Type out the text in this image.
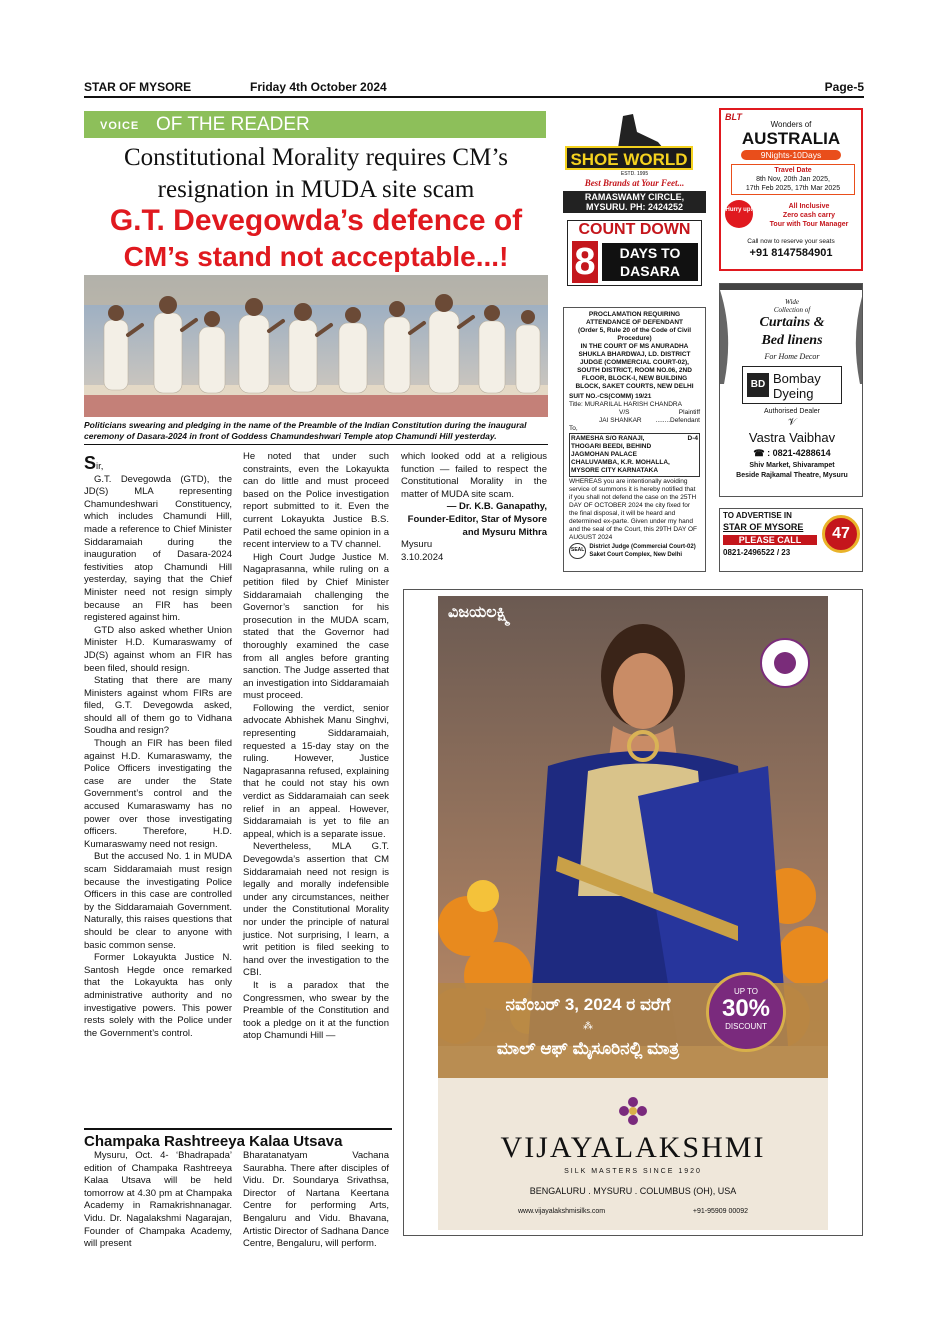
STAR OF MYSORE	Friday 4th October 2024	Page-5
VOICE OF THE READER
Constitutional Morality requires CM’s
resignation in MUDA site scam
G.T. Devegowda’s defence of
CM’s stand not acceptable...!
Politicians swearing and pledging in the name of the Preamble of the Indian Constitution during the inaugural ceremony of Dasara-2024 in front of Goddess Chamundeshwari Temple atop Chamundi Hill yesterday.

Sir,

G.T. Devegowda (GTD), the JD(S) MLA representing Chamundeshwari Constituency, which includes Chamundi Hill, made a reference to Chief Minister Siddaramaiah during the inauguration of Dasara-2024 festivities atop Chamundi Hill yesterday, saying that the Chief Minister need not resign simply because an FIR has been registered against him.

GTD also asked whether Union Minister H.D. Kumaraswamy of JD(S) against whom an FIR has been filed, should resign.

Stating that there are many Ministers against whom FIRs are filed, G.T. Devegowda asked, should all of them go to Vidhana Soudha and resign?

Though an FIR has been filed against H.D. Kumaraswamy, the Police Officers investigating the case are under the State Government’s control and the accused Kumaraswamy has no power over those investigating officers. Therefore, H.D. Kumaraswamy need not resign.

But the accused No. 1 in MUDA scam Siddaramaiah must resign because the investigating Police Officers in this case are controlled by the Siddaramaiah Government. Naturally, this raises questions that should be clear to anyone with basic common sense.

Former Lokayukta Justice N. Santosh Hegde once remarked that the Lokayukta has only administrative authority and no investigative powers. This power rests solely with the Police under the Government’s control.

He noted that under such constraints, even the Lokayukta can do little and must proceed based on the Police investigation report submitted to it. Even the current Lokayukta Justice B.S. Patil echoed the same opinion in a recent interview to a TV channel.

High Court Judge Justice M. Nagaprasanna, while ruling on a petition filed by Chief Minister Siddaramaiah challenging the Governor’s sanction for his prosecution in the MUDA scam, stated that the Governor had thoroughly examined the case from all angles before granting sanction. The Judge asserted that an investigation into Siddaramaiah must proceed.

Following the verdict, senior advocate Abhishek Manu Singhvi, representing Siddaramaiah, requested a 15-day stay on the ruling. However, Justice Nagaprasanna refused, explaining that he could not stay his own verdict as Siddaramaiah can seek relief in an appeal. However, Siddaramaiah is yet to file an appeal, which is a separate issue.

Nevertheless, MLA G.T. Devegowda’s assertion that CM Siddaramaiah need not resign is legally and morally indefensible under any circumstances, neither under the Constitutional Morality nor under the principle of natural justice. Not surprising, I learn, a writ petition is filed seeking to hand over the investigation to the CBI.

It is a paradox that the Congressmen, who swear by the Preamble of the Constitution and took a pledge on it at the function atop Chamundi Hill —

which looked odd at a religious function — failed to respect the Constitutional Morality in the matter of MUDA site scam.

— Dr. K.B. Ganapathy,
Founder-Editor, Star of Mysore and Mysuru Mithra
Mysuru
3.10.2024
Champaka Rashtreeya Kalaa Utsava

Mysuru, Oct. 4- ‘Bhadrapada’ edition of Champaka Rashtreeya Kalaa Utsava will be held tomorrow at 4.30 pm at Champaka Academy in Ramakrishnanagar. Vidu. Dr. Nagalakshmi Nagarajan, Founder of Champaka Academy, will present

Bharatanatyam Vachana Saurabha. There after disciples of Vidu. Dr. Soundarya Srivathsa, Director of Nartana Keertana Centre for performing Arts, Bengaluru and Vidu. Bhavana, Artistic Director of Sadhana Dance Centre, Bengaluru, will perform.

SHOE WORLD
ESTD. 1995
Best Brands at Your Feet...
RAMASWAMY CIRCLE,
MYSURU. PH: 2424252
COUNT DOWN
8	DAYS TO
DASARA
BLT
Wonders of
AUSTRALIA
9Nights-10Days
Travel Date
8th Nov, 20th Jan 2025,
17th Feb 2025, 17th Mar 2025
Hurry up!	All Inclusive
Zero cash carry
Tour with Tour Manager
Call now to reserve your seats
+91 8147584901
PROCLAMATION REQUIRING ATTENDANCE OF DEFENDANT
(Order 5, Rule 20 of the Code of Civil Procedure)
IN THE COURT OF MS ANURADHA SHUKLA BHARDWAJ, LD. DISTRICT JUDGE (COMMERCIAL COURT-02), SOUTH DISTRICT, ROOM NO.06, 2ND FLOOR, BLOCK-I, NEW BUILDING BLOCK, SAKET COURTS, NEW DELHI
SUIT NO.-CS(COMM) 19/21
Title: MURARILAL HARISH CHANDRA
V/S	Plaintiff
JAI SHANKAR ........Defendant
To,
RAMESHA S/O RANAJI, THOGARI BEEDI, BEHIND JAGMOHAN PALACE CHALUVAMBA, K.R. MOHALLA, MYSORE CITY KARNATAKA
D-4
WHEREAS you are intentionally avoiding service of summons it is hereby notified that if you shall not defend the case on the 25TH DAY OF OCTOBER 2024 the city fixed for the final disposal, it will be heard and determined ex-parte. Given under my hand and the seal of the Court, this 29TH DAY OF AUGUST 2024
SEAL District Judge (Commercial Court-02)
Saket Court Complex, New Delhi
Wide
Collection of
Curtains &
Bed linens
For Home Decor
BD Bombay Dyeing
Authorised Dealer
𝒱
Vastra Vaibhav
☎ : 0821-4288614
Shiv Market, Shivarampet
Beside Rajkamal Theatre, Mysuru
TO ADVERTISE IN
STAR OF MYSORE
PLEASE CALL
0821-2496522 / 23
47
ವಿಜಯಲಕ್ಷ್ಮಿ
ನವೆಂಬರ್ 3, 2024 ರ ವರೆಗೆ
⁂
ಮಾಲ್ ಆಫ್ ಮೈಸೂರಿನಲ್ಲಿ ಮಾತ್ರ
UP TO
30%
DISCOUNT
VIJAYALAKSHMI
SILK MASTERS SINCE 1920
BENGALURU . MYSURU . COLUMBUS (OH), USA
www.vijayalakshmisilks.com	+91-95909 00092
